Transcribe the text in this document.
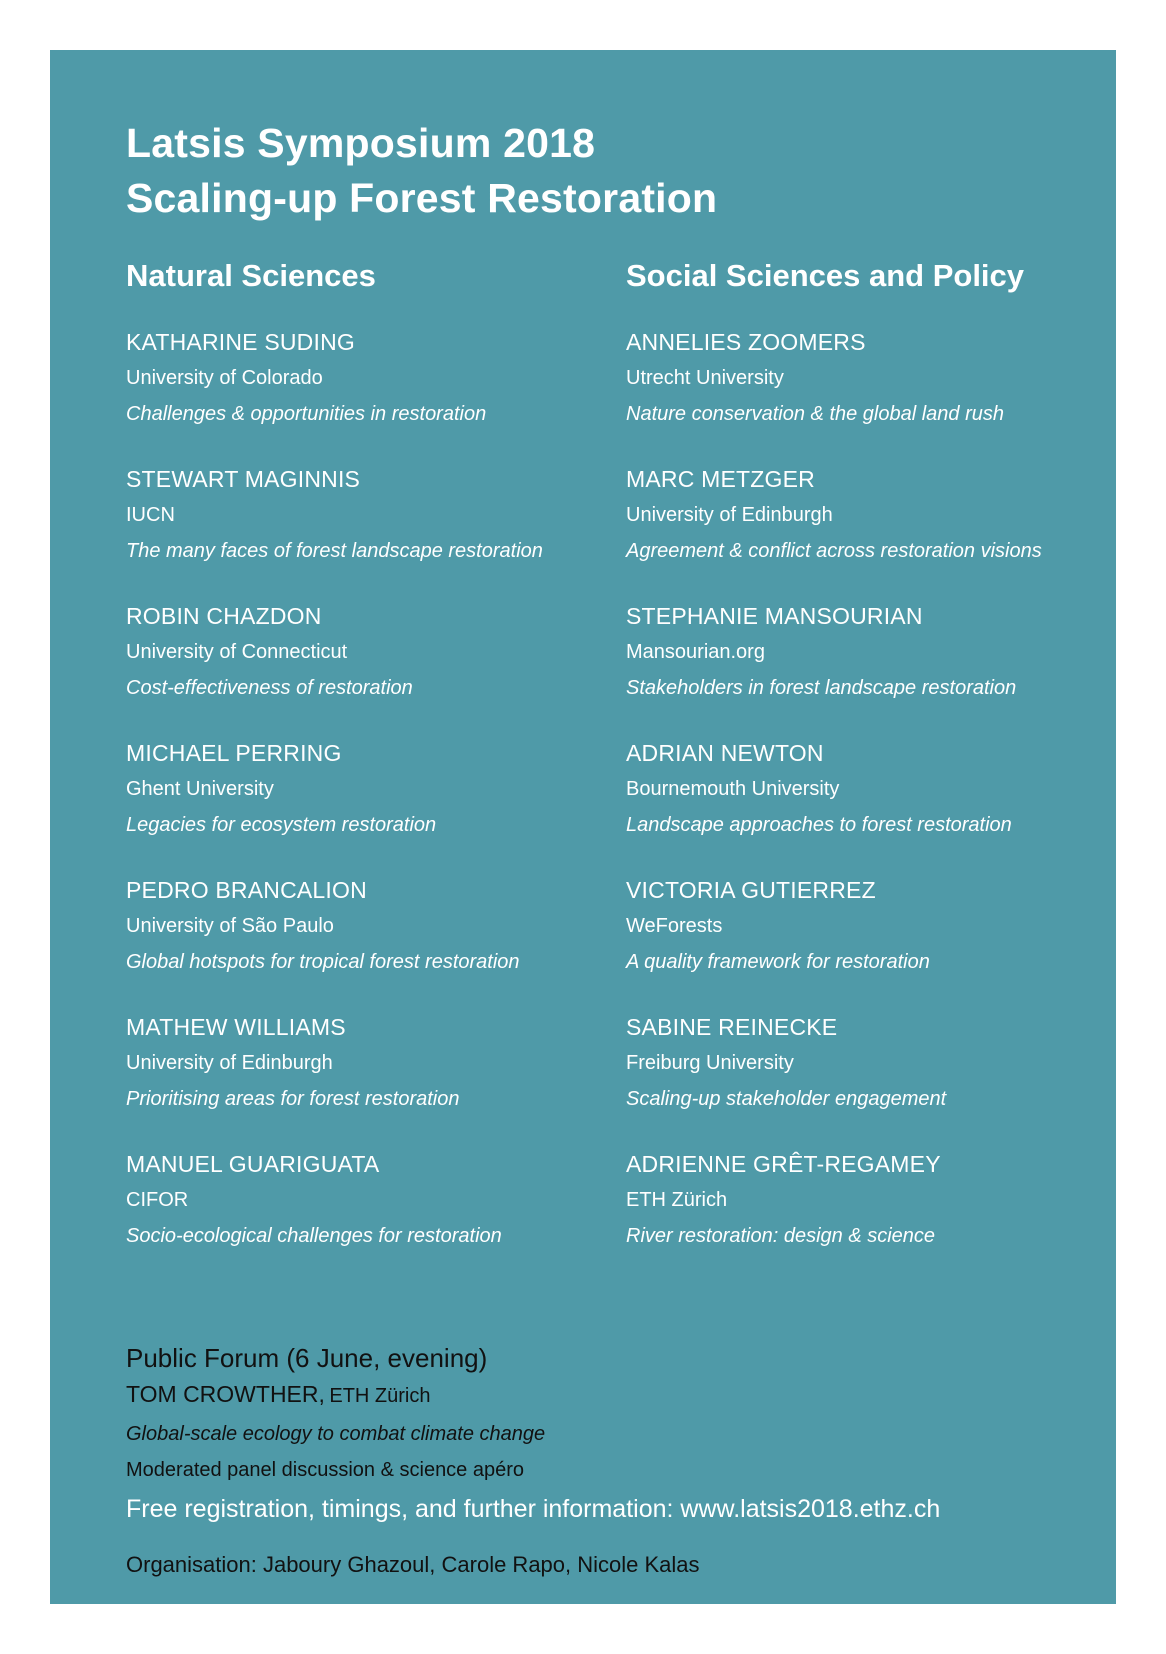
Latsis Symposium 2018
Scaling-up Forest Restoration
Natural Sciences
KATHARINE SUDING
University of Colorado
Challenges & opportunities in restoration
STEWART MAGINNIS
IUCN
The many faces of forest landscape restoration
ROBIN CHAZDON
University of Connecticut
Cost-effectiveness of restoration
MICHAEL PERRING
Ghent University
Legacies for ecosystem restoration
PEDRO BRANCALION
University of São Paulo
Global hotspots for tropical forest restoration
MATHEW WILLIAMS
University of Edinburgh
Prioritising areas for forest restoration
MANUEL GUARIGUATA
CIFOR
Socio-ecological challenges for restoration
Social Sciences and Policy
ANNELIES ZOOMERS
Utrecht University
Nature conservation & the global land rush
MARC METZGER
University of Edinburgh
Agreement & conflict across restoration visions
STEPHANIE MANSOURIAN
Mansourian.org
Stakeholders in forest landscape restoration
ADRIAN NEWTON
Bournemouth University
Landscape approaches to forest restoration
VICTORIA GUTIERREZ
WeForests
A quality framework for restoration
SABINE REINECKE
Freiburg University
Scaling-up stakeholder engagement
ADRIENNE GRÊT-REGAMEY
ETH Zürich
River restoration: design & science
Public Forum (6 June, evening)
TOM CROWTHER, ETH Zürich
Global-scale ecology to combat climate change
Moderated panel discussion & science apéro
Free registration, timings, and further information: www.latsis2018.ethz.ch
Organisation: Jaboury Ghazoul, Carole Rapo, Nicole Kalas
